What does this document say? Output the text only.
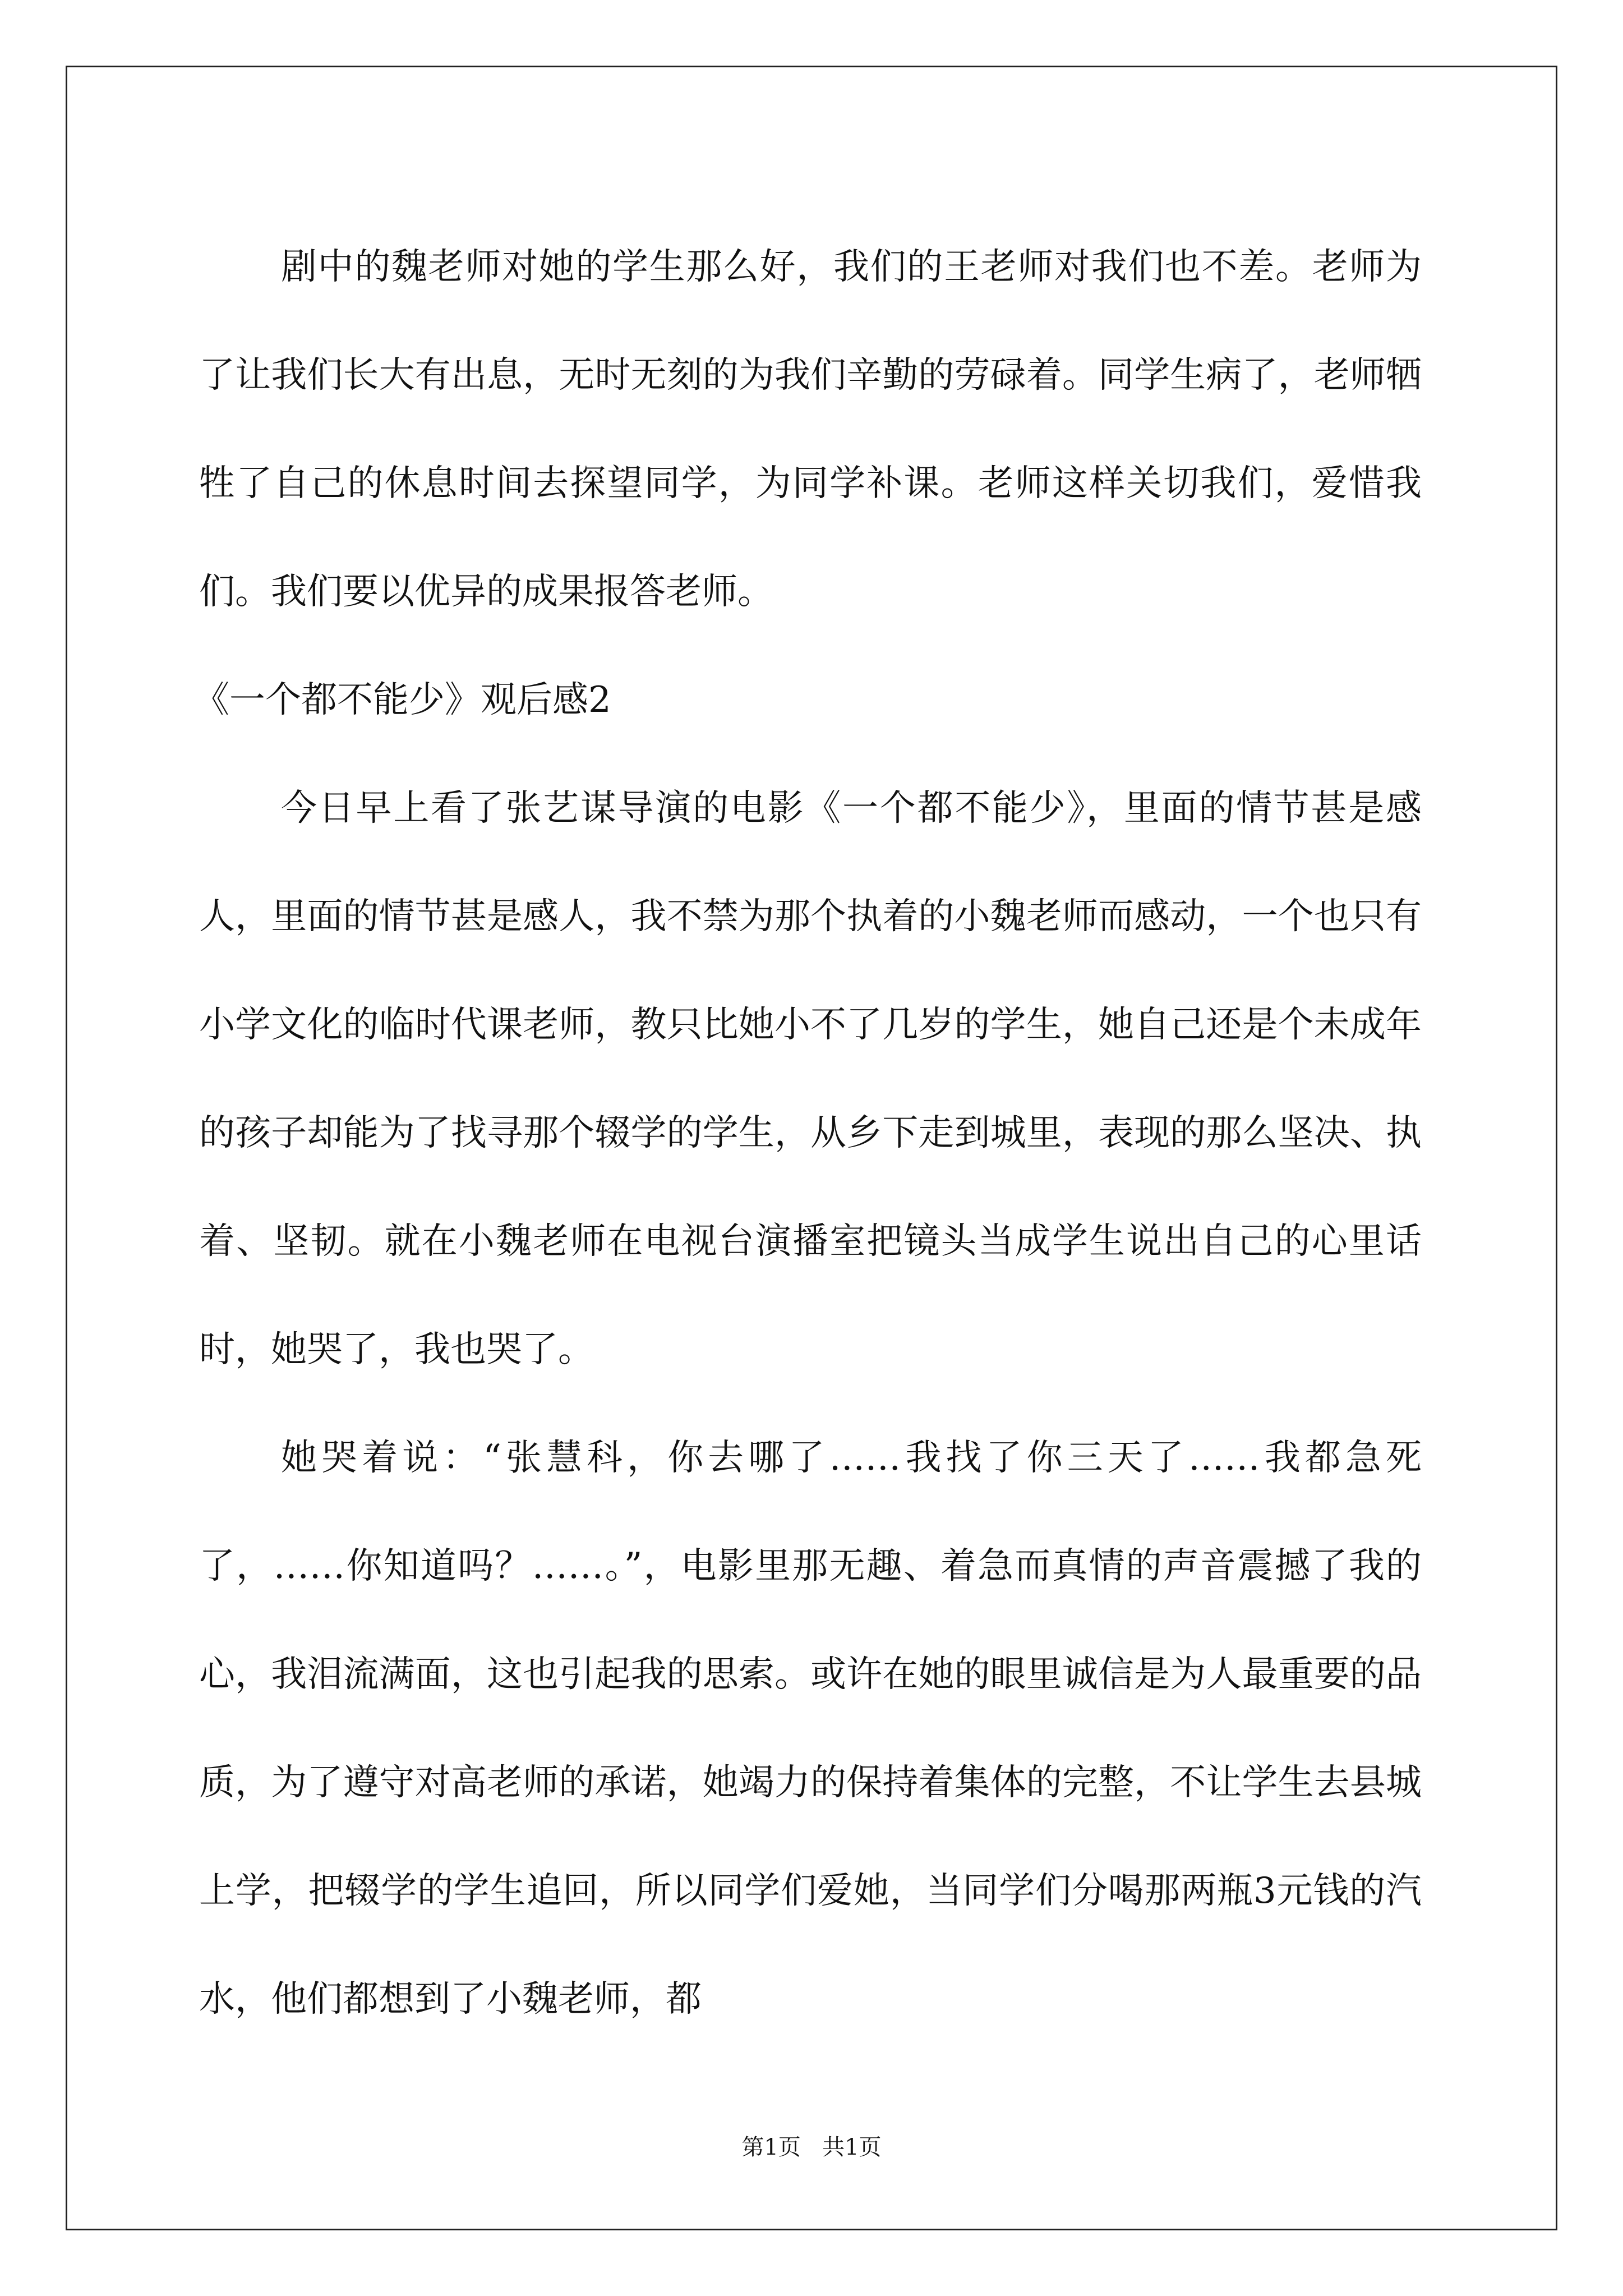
剧中的魏老师对她的学生那么好，我们的王老师对我们也不差。老师为了让我们长大有出息，无时无刻的为我们辛勤的劳碌着。同学生病了，老师牺牲了自己的休息时间去探望同学，为同学补课。老师这样关切我们，爱惜我们。我们要以优异的成果报答老师。

《一个都不能少》观后感2

今日早上看了张艺谋导演的电影《一个都不能少》，里面的情节甚是感人，里面的情节甚是感人，我不禁为那个执着的小魏老师而感动，一个也只有小学文化的临时代课老师，教只比她小不了几岁的学生，她自己还是个未成年的孩子却能为了找寻那个辍学的学生，从乡下走到城里，表现的那么坚决、执着、坚韧。就在小魏老师在电视台演播室把镜头当成学生说出自己的心里话时，她哭了，我也哭了。

她哭着说：“张慧科，你去哪了……我找了你三天了……我都急死了，……你知道吗？……。”，电影里那无趣、着急而真情的声音震撼了我的心，我泪流满面，这也引起我的思索。或许在她的眼里诚信是为人最重要的品质，为了遵守对高老师的承诺，她竭力的保持着集体的完整，不让学生去县城上学，把辍学的学生追回，所以同学们爱她，当同学们分喝那两瓶3元钱的汽水，他们都想到了小魏老师，都

第1页 共1页
